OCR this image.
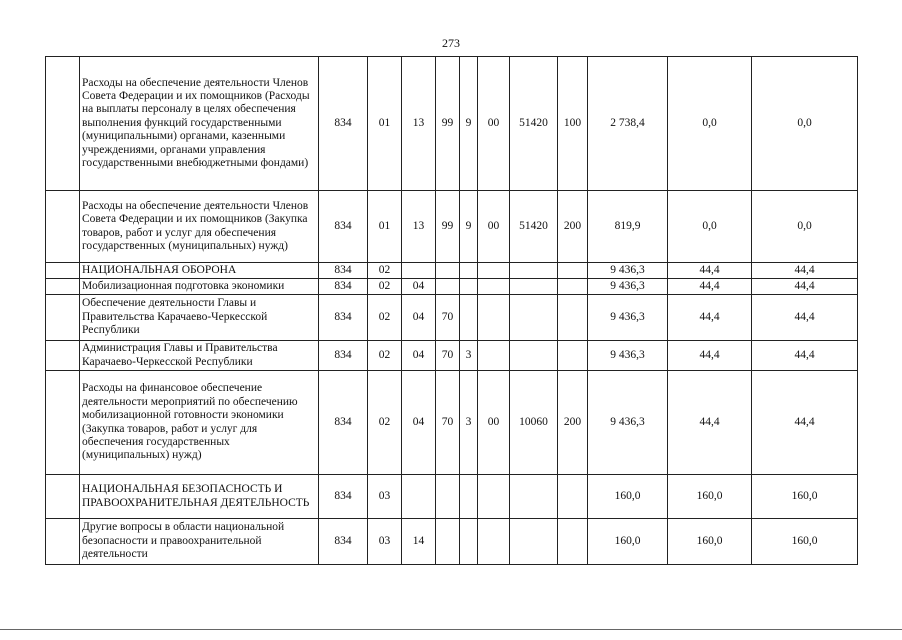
273
	Расходы на обеспечение деятельности Членов Совета Федерации и их помощников (Расходы на выплаты персоналу в целях обеспечения выполнения функций государственными (муниципальными) органами, казенными учреждениями, органами управления государственными внебюджетными фондами)	834	01	13	99	9	00	51420	100	2 738,4	0,0	0,0
	Расходы на обеспечение деятельности Членов Совета Федерации и их помощников (Закупка товаров, работ и услуг для обеспечения государственных (муниципальных) нужд)	834	01	13	99	9	00	51420	200	819,9	0,0	0,0
	НАЦИОНАЛЬНАЯ ОБОРОНА	834	02							9 436,3	44,4	44,4
	Мобилизационная подготовка экономики	834	02	04						9 436,3	44,4	44,4
	Обеспечение деятельности Главы и Правительства Карачаево-Черкесской Республики	834	02	04	70					9 436,3	44,4	44,4
	Администрация Главы и Правительства Карачаево-Черкесской Республики	834	02	04	70	3				9 436,3	44,4	44,4
	Расходы на финансовое обеспечение деятельности мероприятий по обеспечению мобилизационной готовности экономики (Закупка товаров, работ и услуг для обеспечения государственных (муниципальных) нужд)	834	02	04	70	3	00	10060	200	9 436,3	44,4	44,4
	НАЦИОНАЛЬНАЯ БЕЗОПАСНОСТЬ И ПРАВООХРАНИТЕЛЬНАЯ ДЕЯТЕЛЬНОСТЬ	834	03							160,0	160,0	160,0
	Другие вопросы в области национальной безопасности и правоохранительной деятельности	834	03	14						160,0	160,0	160,0
